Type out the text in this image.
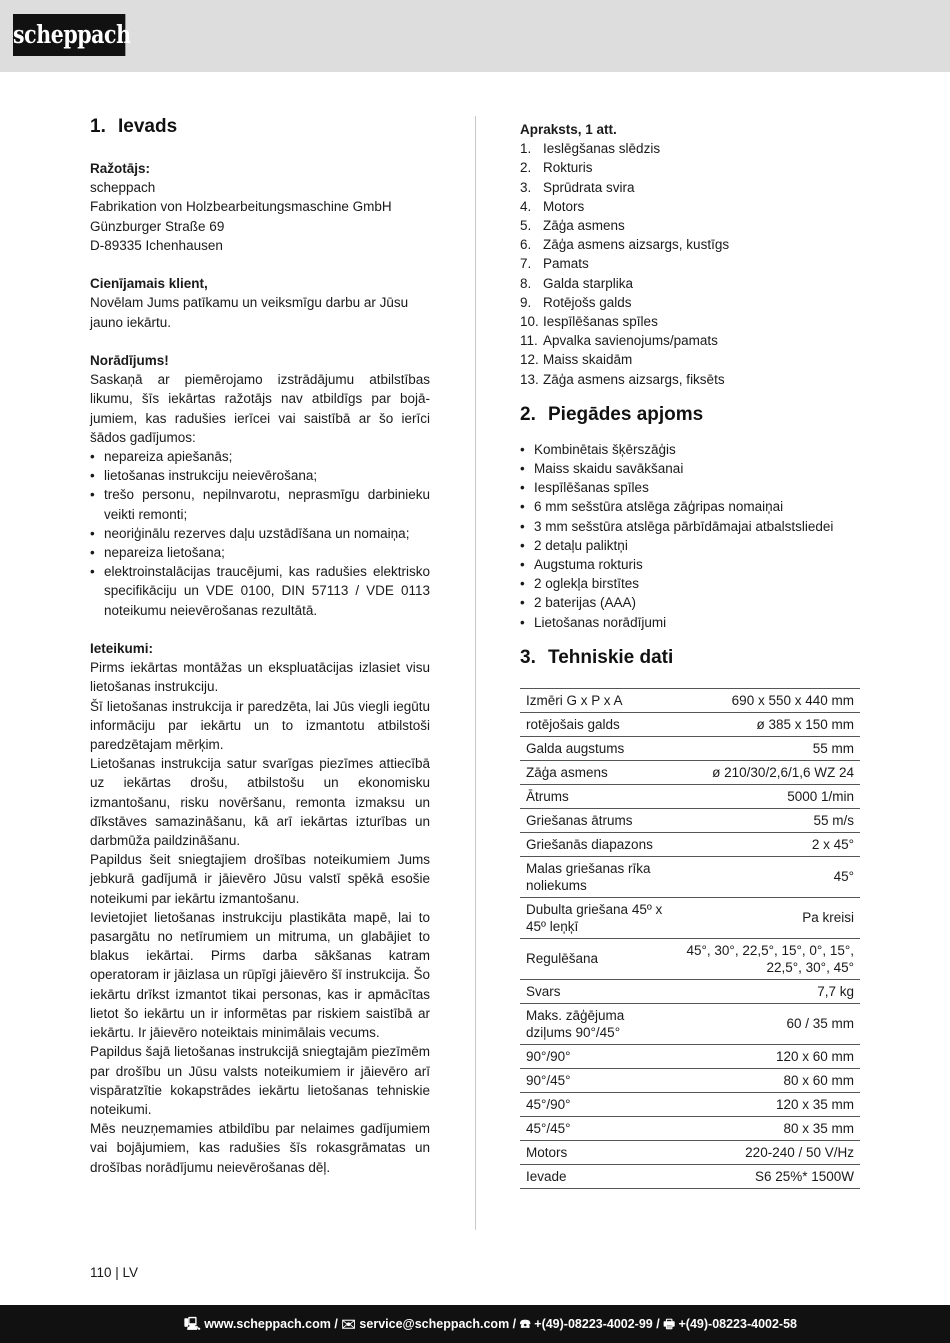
scheppach
1. Ievads
Ražotājs:
scheppach
Fabrikation von Holzbearbeitungsmaschine GmbH
Günzburger Straße 69
D-89335 Ichenhausen
Cienījamais klient,
Novēlam Jums patīkamu un veiksmīgu darbu ar Jūsu jauno iekārtu.
Norādījums!
Saskaņā ar piemērojamo izstrādājumu atbilstības likumu, šīs iekārtas ražotājs nav atbildīgs par bojājumiem, kas radušies ierīcei vai saistībā ar šo ierīci šādos gadījumos:
• nepareiza apiešanās;
• lietošanas instrukciju neievērošana;
• trešo personu, nepilnvarotu, neprasmīgu darbinieku veikti remonti;
• neoriģinālu rezerves daļu uzstādīšana un nomaiņa;
• nepareiza lietošana;
• elektroinstalācijas traucējumi, kas radušies elektrisko specifikāciju un VDE 0100, DIN 57113 / VDE 0113 noteikumu neievērošanas rezultātā.
Ieteikumi:
Pirms iekārtas montāžas un ekspluatācijas izlasiet visu lietošanas instrukciju.
Šī lietošanas instrukcija ir paredzēta, lai Jūs viegli iegūtu informāciju par iekārtu un to izmantotu atbilstoši paredzētajam mērķim.
Lietošanas instrukcija satur svarīgas piezīmes attiecībā uz iekārtas drošu, atbilstošu un ekonomisku izmantošanu, risku novēršanu, remonta izmaksu un dīkstāves samazināšanu, kā arī iekārtas izturības un darbmūža paildzināšanu.
Papildus šeit sniegtajiem drošības noteikumiem Jums jebkurā gadījumā ir jāievēro Jūsu valstī spēkā esošie noteikumi par iekārtu izmantošanu.
Ievietojiet lietošanas instrukciju plastikāta mapē, lai to pasargātu no netīrumiem un mitruma, un glabājiet to blakus iekārtai. Pirms darba sākšanas katram operatoram ir jāizlasa un rūpīgi jāievēro šī instrukcija. Šo iekārtu drīkst izmantot tikai personas, kas ir apmācītas lietot šo iekārtu un ir informētas par riskiem saistībā ar iekārtu. Ir jāievēro noteiktais minimālais vecums.
Papildus šajā lietošanas instrukcijā sniegtajām piezīmēm par drošību un Jūsu valsts noteikumiem ir jāievēro arī vispāratzītie kokapstrādes iekārtu lietošanas tehniskie noteikumi.
Mēs neuzņemamies atbildību par nelaimes gadījumiem vai bojājumiem, kas radušies šīs rokasgrāmatas un drošības norādījumu neievērošanas dēļ.
Apraksts, 1 att.
1. Ieslēgšanas slēdzis
2. Rokturis
3. Sprūdrata svira
4. Motors
5. Zāģa asmens
6. Zāģa asmens aizsargs, kustīgs
7. Pamats
8. Galda starplika
9. Rotējošs galds
10. Iespīlēšanas spīles
11. Apvalka savienojums/pamats
12. Maiss skaidām
13. Zāģa asmens aizsargs, fiksēts
2. Piegādes apjoms
• Kombinētais šķērszāģis
• Maiss skaidu savākšanai
• Iespīlēšanas spīles
• 6 mm sešstūra atslēga zāģripas nomaiņai
• 3 mm sešstūra atslēga pārbīdāmajai atbalstsliedei
• 2 detaļu paliktņi
• Augstuma rokturis
• 2 oglekļa birstītes
• 2 baterijas (AAA)
• Lietošanas norādījumi
3. Tehniskie dati
Izmēri G x P x A	690 x 550 x 440 mm
rotējošais galds	ø 385 x 150 mm
Galda augstums	55 mm
Zāģa asmens	ø 210/30/2,6/1,6 WZ 24
Ātrums	5000 1/min
Griešanas ātrums	55 m/s
Griešanās diapazons	2 x 45°
Malas griešanas rīka noliekums	45°
Dubulta griešana 45º x 45º leņķī	Pa kreisi
Regulēšana	45°, 30°, 22,5°, 15°, 0°, 15°, 22,5°, 30°, 45°
Svars	7,7 kg
Maks. zāģējuma dziļums 90°/45°	60 / 35 mm
90°/90°	120 x 60 mm
90°/45°	80 x 60 mm
45°/90°	120 x 35 mm
45°/45°	80 x 35 mm
Motors	220-240 / 50 V/Hz
Ievade	S6 25%* 1500W
110 | LV
🖳 www.scheppach.com / ✉ service@scheppach.com / ☎ +(49)-08223-4002-99 / 🖶 +(49)-08223-4002-58
